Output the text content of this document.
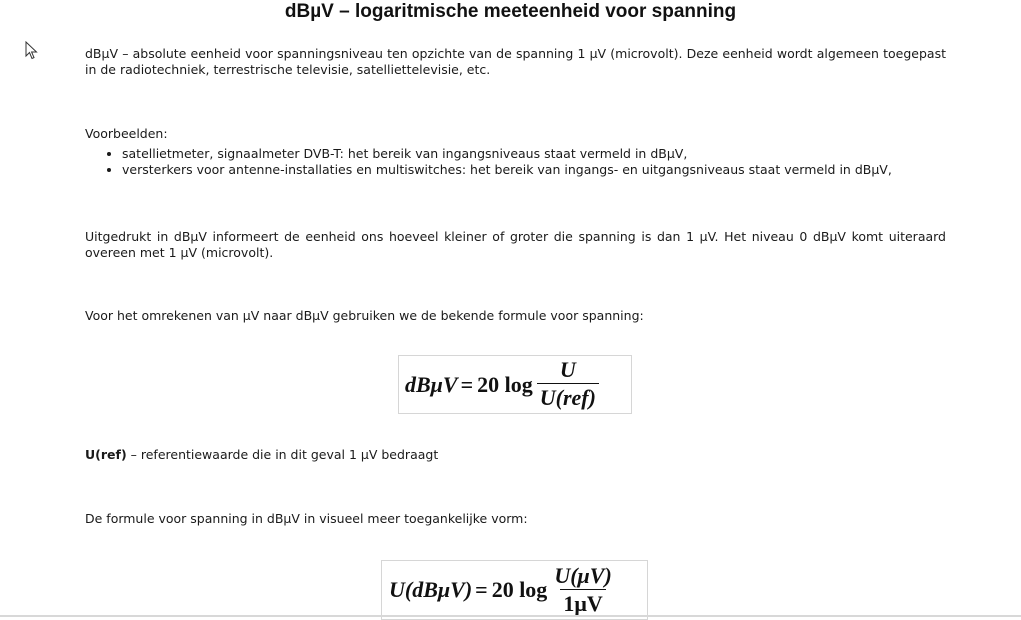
dBµV – logaritmische meeteenheid voor spanning

dBµV – absolute eenheid voor spanningsniveau ten opzichte van de spanning 1 µV (microvolt). Deze eenheid wordt algemeen toegepast in de radiotechniek, terrestrische televisie, satelliettelevisie, etc.

Voorbeelden:

• satellietmeter, signaalmeter DVB-T: het bereik van ingangsniveaus staat vermeld in dBµV,
• versterkers voor antenne-installaties en multiswitches: het bereik van ingangs- en uitgangsniveaus staat vermeld in dBµV,

Uitgedrukt in dBµV informeert de eenheid ons hoeveel kleiner of groter die spanning is dan 1 µV. Het niveau 0 dBµV komt uiteraard overeen met 1 µV (microvolt).

Voor het omrekenen van µV naar dBµV gebruiken we de bekende formule voor spanning:

dBμV = 20 $\log \frac{U}{\text{U(ref)}}$

U(ref) – referentiewaarde die in dit geval 1 µV bedraagt

De formule voor spanning in dBµV in visueel meer toegankelijke vorm:

U(dBμV) = 20 $\log \frac{U(\mu V)}{1\mu V}$
